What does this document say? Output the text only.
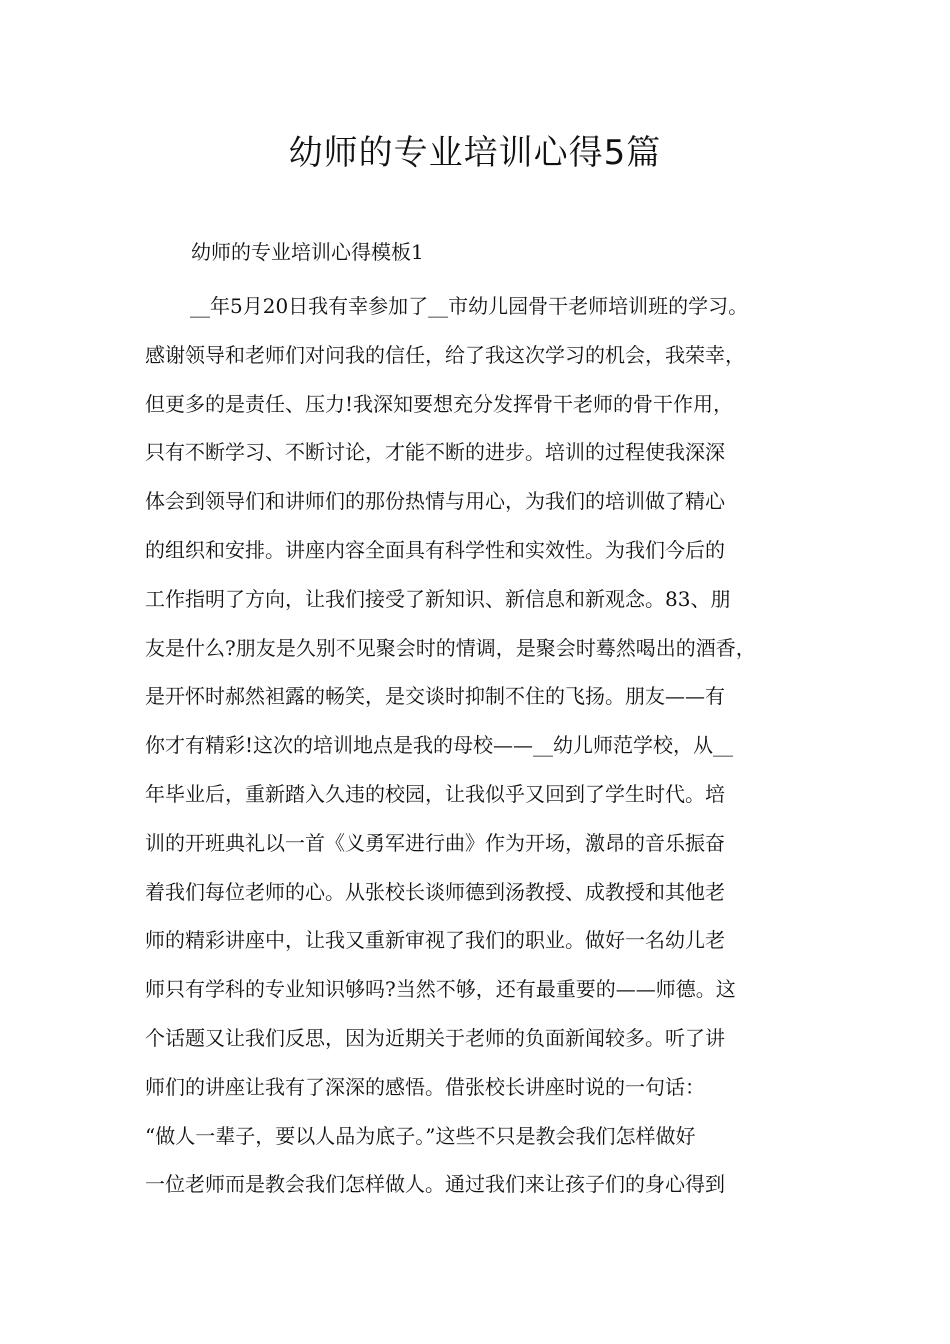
幼师的专业培训心得5篇
幼师的专业培训心得模板1
__年5月20日我有幸参加了__市幼儿园骨干老师培训班的学习。
感谢领导和老师们对问我的信任，给了我这次学习的机会，我荣幸，
但更多的是责任、压力!我深知要想充分发挥骨干老师的骨干作用，
只有不断学习、不断讨论，才能不断的进步。培训的过程使我深深
体会到领导们和讲师们的那份热情与用心，为我们的培训做了精心
的组织和安排。讲座内容全面具有科学性和实效性。为我们今后的
工作指明了方向，让我们接受了新知识、新信息和新观念。83、朋
友是什么?朋友是久别不见聚会时的情调，是聚会时蓦然喝出的酒香，
是开怀时郝然袒露的畅笑，是交谈时抑制不住的飞扬。朋友——有
你才有精彩!这次的培训地点是我的母校——__幼儿师范学校，从__
年毕业后，重新踏入久违的校园，让我似乎又回到了学生时代。培
训的开班典礼以一首《义勇军进行曲》作为开场，激昂的音乐振奋
着我们每位老师的心。从张校长谈师德到汤教授、成教授和其他老
师的精彩讲座中，让我又重新审视了我们的职业。做好一名幼儿老
师只有学科的专业知识够吗?当然不够，还有最重要的——师德。这
个话题又让我们反思，因为近期关于老师的负面新闻较多。听了讲
师们的讲座让我有了深深的感悟。借张校长讲座时说的一句话：
“做人一辈子，要以人品为底子。”这些不只是教会我们怎样做好
一位老师而是教会我们怎样做人。通过我们来让孩子们的身心得到
